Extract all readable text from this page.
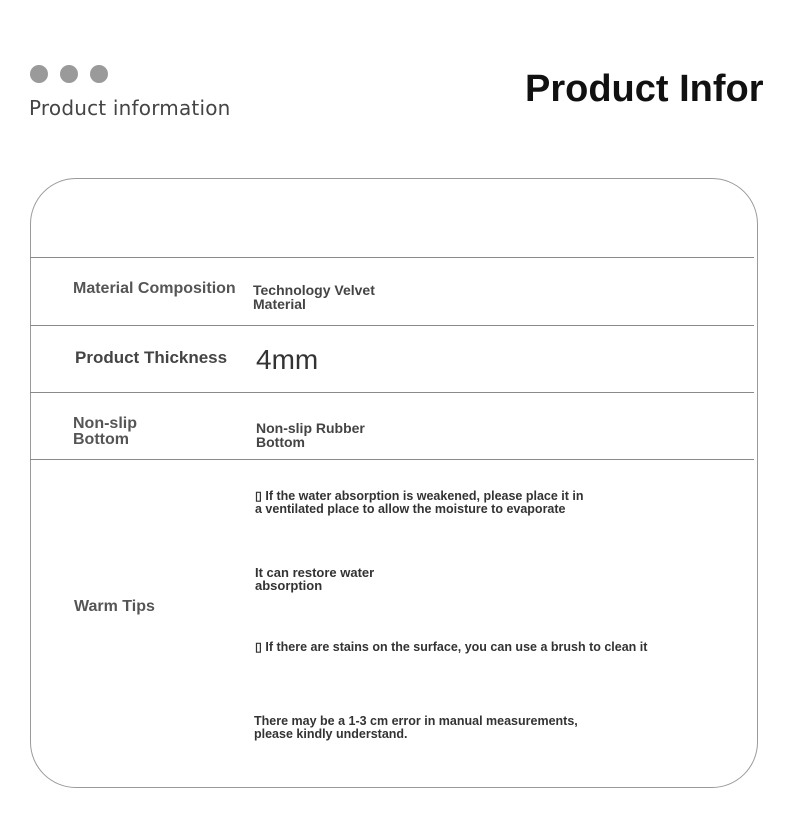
Product information	Product Infor
Material Composition Technology Velvet
Material
Product Thickness 4mm
Non-slip
Bottom
Non-slip Rubber
Bottom
Warm Tips
▯ If the water absorption is weakened, please place it in
a ventilated place to allow the moisture to evaporate
It can restore water
absorption
▯ If there are stains on the surface, you can use a brush to clean it
There may be a 1-3 cm error in manual measurements,
please kindly understand.
